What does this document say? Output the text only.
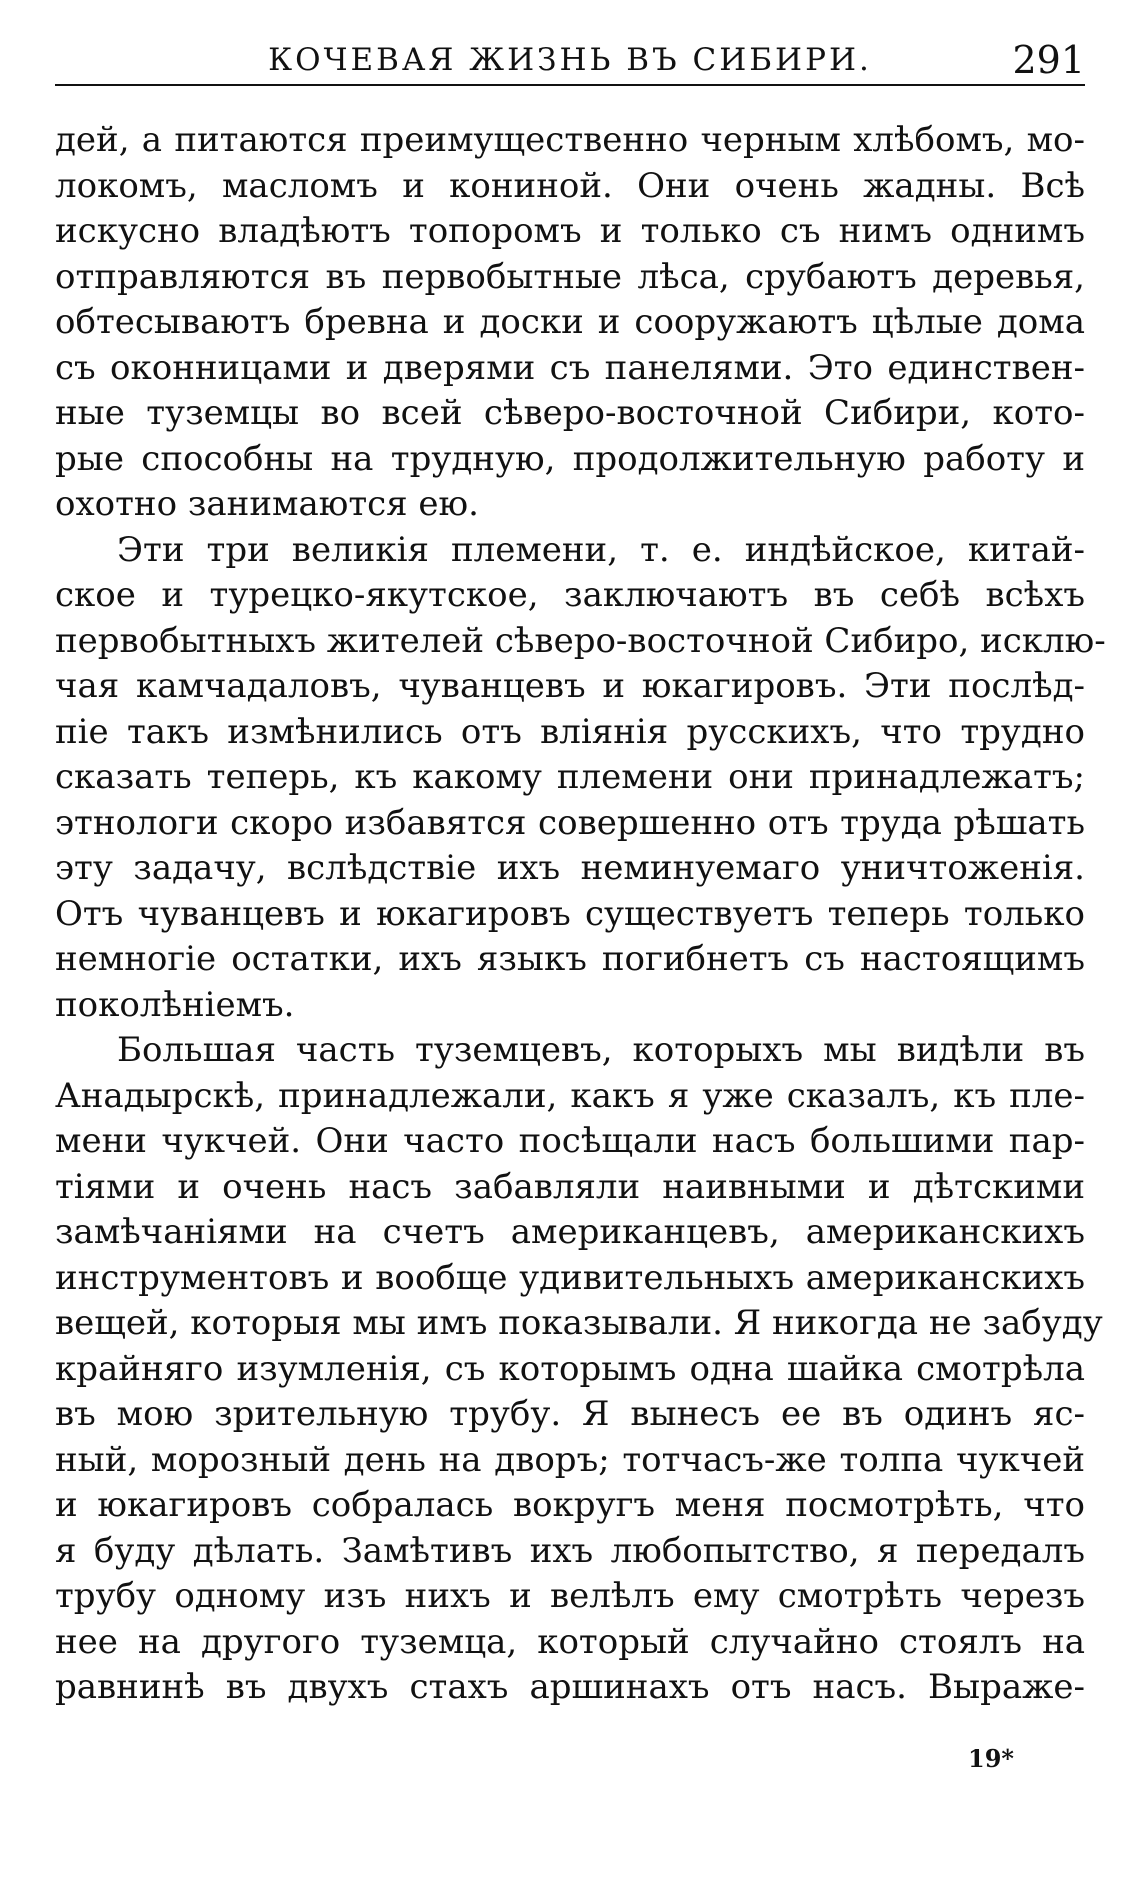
КОЧЕВАЯ ЖИЗНЬ ВЪ СИБИРИ.	291
дей, а питаются преимущественно черным хлѣбомъ, мо-
локомъ, масломъ и кониной. Они очень жадны. Всѣ
искусно владѣютъ топоромъ и только съ нимъ однимъ
отправляются въ первобытные лѣса, срубаютъ деревья,
обтесываютъ бревна и доски и сооружаютъ цѣлые дома
съ оконницами и дверями съ панелями. Это единствен-
ные туземцы во всей сѣверо-восточной Сибири, кото-
рые способны на трудную, продолжительную работу и
охотно занимаются ею.
Эти три великія племени, т. е. индѣйское, китай-
ское и турецко-якутское, заключаютъ въ себѣ всѣхъ
первобытныхъ жителей сѣверо-восточной Сибиро, исклю-
чая камчадаловъ, чуванцевъ и юкагировъ. Эти послѣд-
піе такъ измѣнились отъ вліянія русскихъ, что трудно
сказать теперь, къ какому племени они принадлежатъ;
этнологи скоро избавятся совершенно отъ труда рѣшать
эту задачу, вслѣдствіе ихъ неминуемаго уничтоженія.
Отъ чуванцевъ и юкагировъ существуетъ теперь только
немногіе остатки, ихъ языкъ погибнетъ съ настоящимъ
поколѣніемъ.
Большая часть туземцевъ, которыхъ мы видѣли въ
Анадырскѣ, принадлежали, какъ я уже сказалъ, къ пле-
мени чукчей. Они часто посѣщали насъ большими пар-
тіями и очень насъ забавляли наивными и дѣтскими
замѣчаніями на счетъ американцевъ, американскихъ
инструментовъ и вообще удивительныхъ американскихъ
вещей, которыя мы имъ показывали. Я никогда не забуду
крайняго изумленія, съ которымъ одна шайка смотрѣла
въ мою зрительную трубу. Я вынесъ ее въ одинъ яс-
ный, морозный день на дворъ; тотчасъ-же толпа чукчей
и юкагировъ собралась вокругъ меня посмотрѣть, что
я буду дѣлать. Замѣтивъ ихъ любопытство, я передалъ
трубу одному изъ нихъ и велѣлъ ему смотрѣть черезъ
нее на другого туземца, который случайно стоялъ на
равнинѣ въ двухъ стахъ аршинахъ отъ насъ. Выраже-
19*
